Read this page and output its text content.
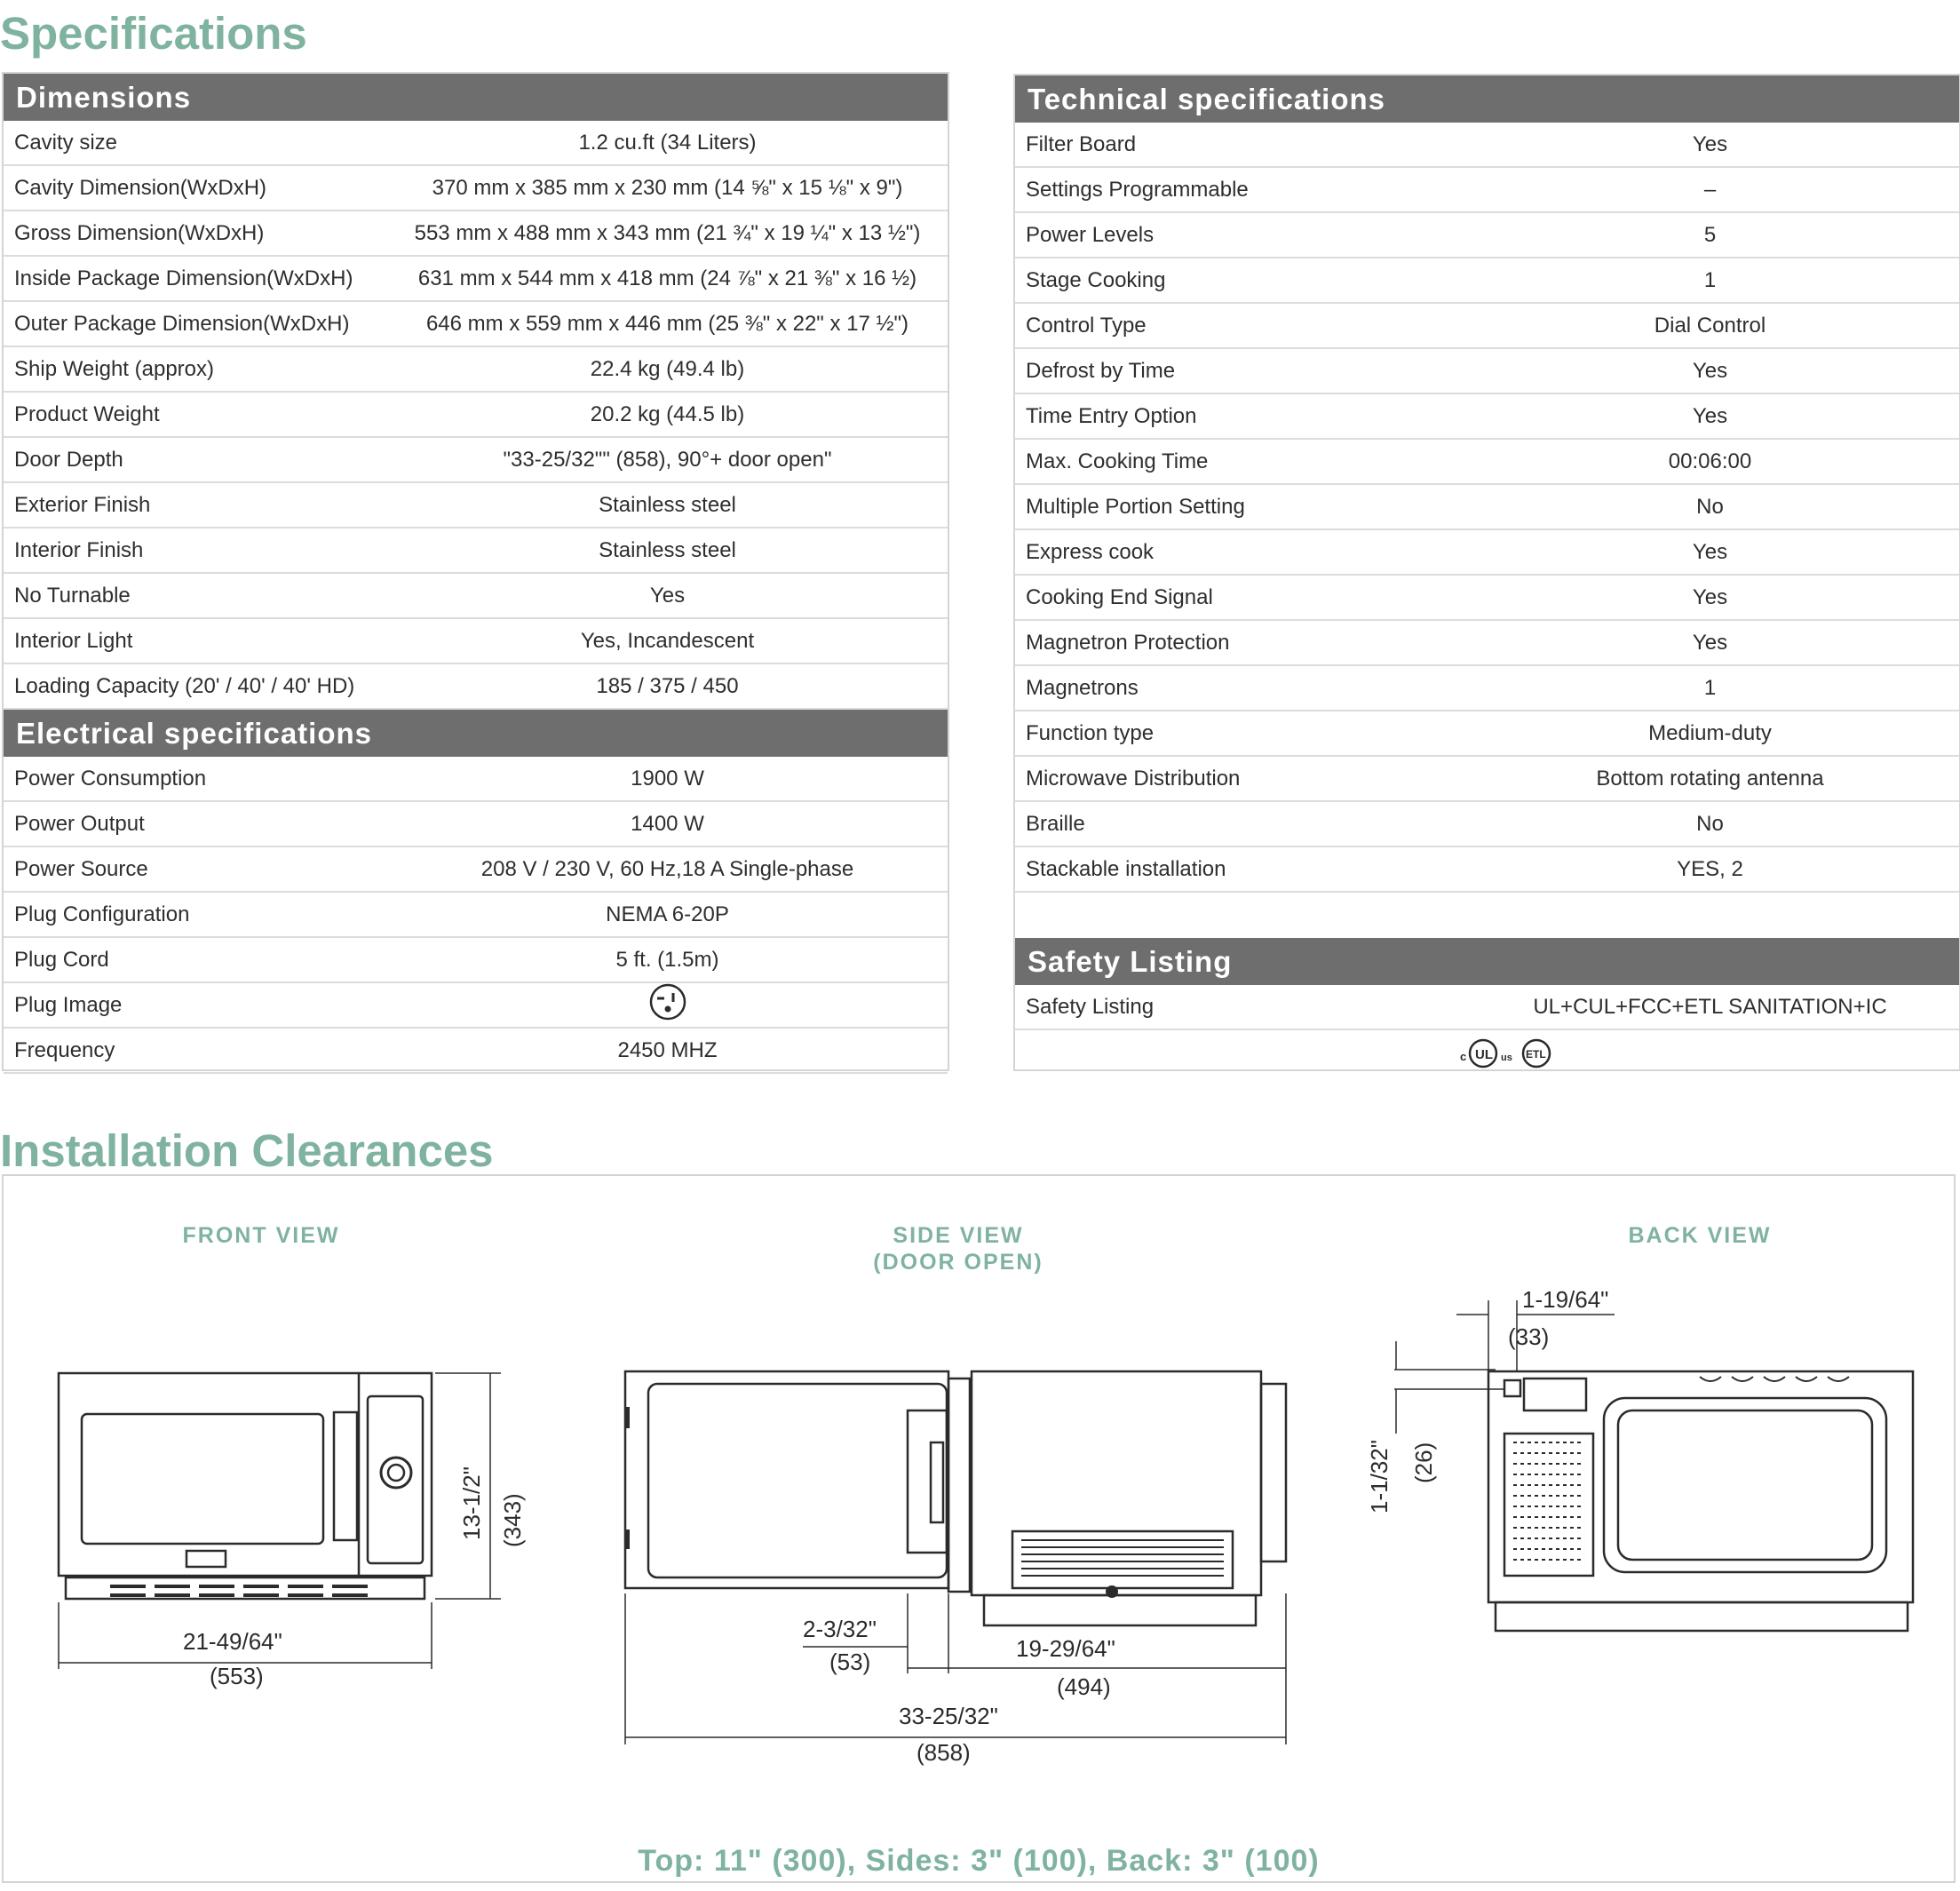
Specifications
Dimensions
Cavity size	1.2 cu.ft (34 Liters)
Cavity Dimension(WxDxH)	370 mm x 385 mm x 230 mm (14 ⅝" x 15 ⅛" x 9")
Gross Dimension(WxDxH)	553 mm x 488 mm x 343 mm (21 ¾" x 19 ¼" x 13 ½")
Inside Package Dimension(WxDxH)	631 mm x 544 mm x 418 mm (24 ⅞" x 21 ⅜" x 16 ½)
Outer Package Dimension(WxDxH)	646 mm x 559 mm x 446 mm (25 ⅜" x 22" x 17 ½")
Ship Weight (approx)	22.4 kg (49.4 lb)
Product Weight	20.2 kg (44.5 lb)
Door Depth	"33-25/32"" (858), 90°+ door open"
Exterior Finish	Stainless steel
Interior Finish	Stainless steel
No Turnable	Yes
Interior Light	Yes, Incandescent
Loading Capacity (20' / 40' / 40' HD)	185 / 375 / 450
Electrical specifications
Power Consumption	1900 W
Power Output	1400 W
Power Source	208 V / 230 V, 60 Hz,18 A Single-phase
Plug Configuration	NEMA 6-20P
Plug Cord	5 ft. (1.5m)
Plug Image
Frequency	2450 MHZ
Technical specifications
Filter Board	Yes
Settings Programmable	–
Power Levels	5
Stage Cooking	1
Control Type	Dial Control
Defrost by Time	Yes
Time Entry Option	Yes
Max. Cooking Time	00:06:00
Multiple Portion Setting	No
Express cook	Yes
Cooking End Signal	Yes
Magnetron Protection	Yes
Magnetrons	1
Function type	Medium-duty
Microwave Distribution	Bottom rotating antenna
Braille	No
Stackable installation	YES, 2
Safety Listing
Safety Listing	UL+CUL+FCC+ETL SANITATION+IC
c UL us ETL
Installation Clearances
FRONT VIEW	SIDE VIEW
(DOOR OPEN)
BACK VIEW
21-49/64"
(553)
13-1/2" (343)
2-3/32"
(53)	19-29/64"
(494)
33-25/32"
(858)
1-19/64"
(33)
1-1/32" (26)
Top: 11" (300), Sides: 3" (100), Back: 3" (100)
